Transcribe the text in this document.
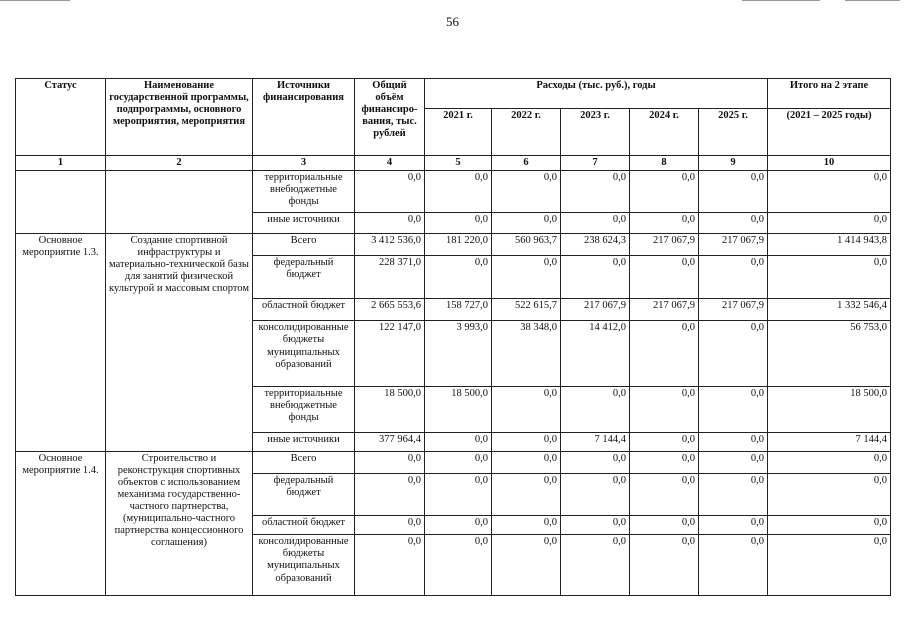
56
Статус	Наименование государственной программы, подпрограммы, основного мероприятия, мероприятия	Источники финансирования	Общий объём финансиро-вания, тыс. рублей	Расходы (тыс. руб.), годы					Итого на 2 этапе
				2021 г.	2022 г.	2023 г.	2024 г.	2025 г.	(2021 – 2025 годы)
1	2	3	4	5	6	7	8	9	10
		территориальные внебюджетные фонды	0,0	0,0	0,0	0,0	0,0	0,0	0,0
		иные источники	0,0	0,0	0,0	0,0	0,0	0,0	0,0
Основное мероприятие 1.3.	Создание спортивной инфраструктуры и материально-технической базы для занятий физической культурой и массовым спортом	Всего	3 412 536,0	181 220,0	560 963,7	238 624,3	217 067,9	217 067,9	1 414 943,8
		федеральный бюджет	228 371,0	0,0	0,0	0,0	0,0	0,0	0,0
		областной бюджет	2 665 553,6	158 727,0	522 615,7	217 067,9	217 067,9	217 067,9	1 332 546,4
		консолидированные бюджеты муниципальных образований	122 147,0	3 993,0	38 348,0	14 412,0	0,0	0,0	56 753,0
		территориальные внебюджетные фонды	18 500,0	18 500,0	0,0	0,0	0,0	0,0	18 500,0
		иные источники	377 964,4	0,0	0,0	7 144,4	0,0	0,0	7 144,4
Основное мероприятие 1.4.	Строительство и реконструкция спортивных объектов с использованием механизма государственно-частного партнерства, (муниципально-частного партнерства концессионного соглашения)	Всего	0,0	0,0	0,0	0,0	0,0	0,0	0,0
		федеральный бюджет	0,0	0,0	0,0	0,0	0,0	0,0	0,0
		областной бюджет	0,0	0,0	0,0	0,0	0,0	0,0	0,0
		консолидированные бюджеты муниципальных образований	0,0	0,0	0,0	0,0	0,0	0,0	0,0
